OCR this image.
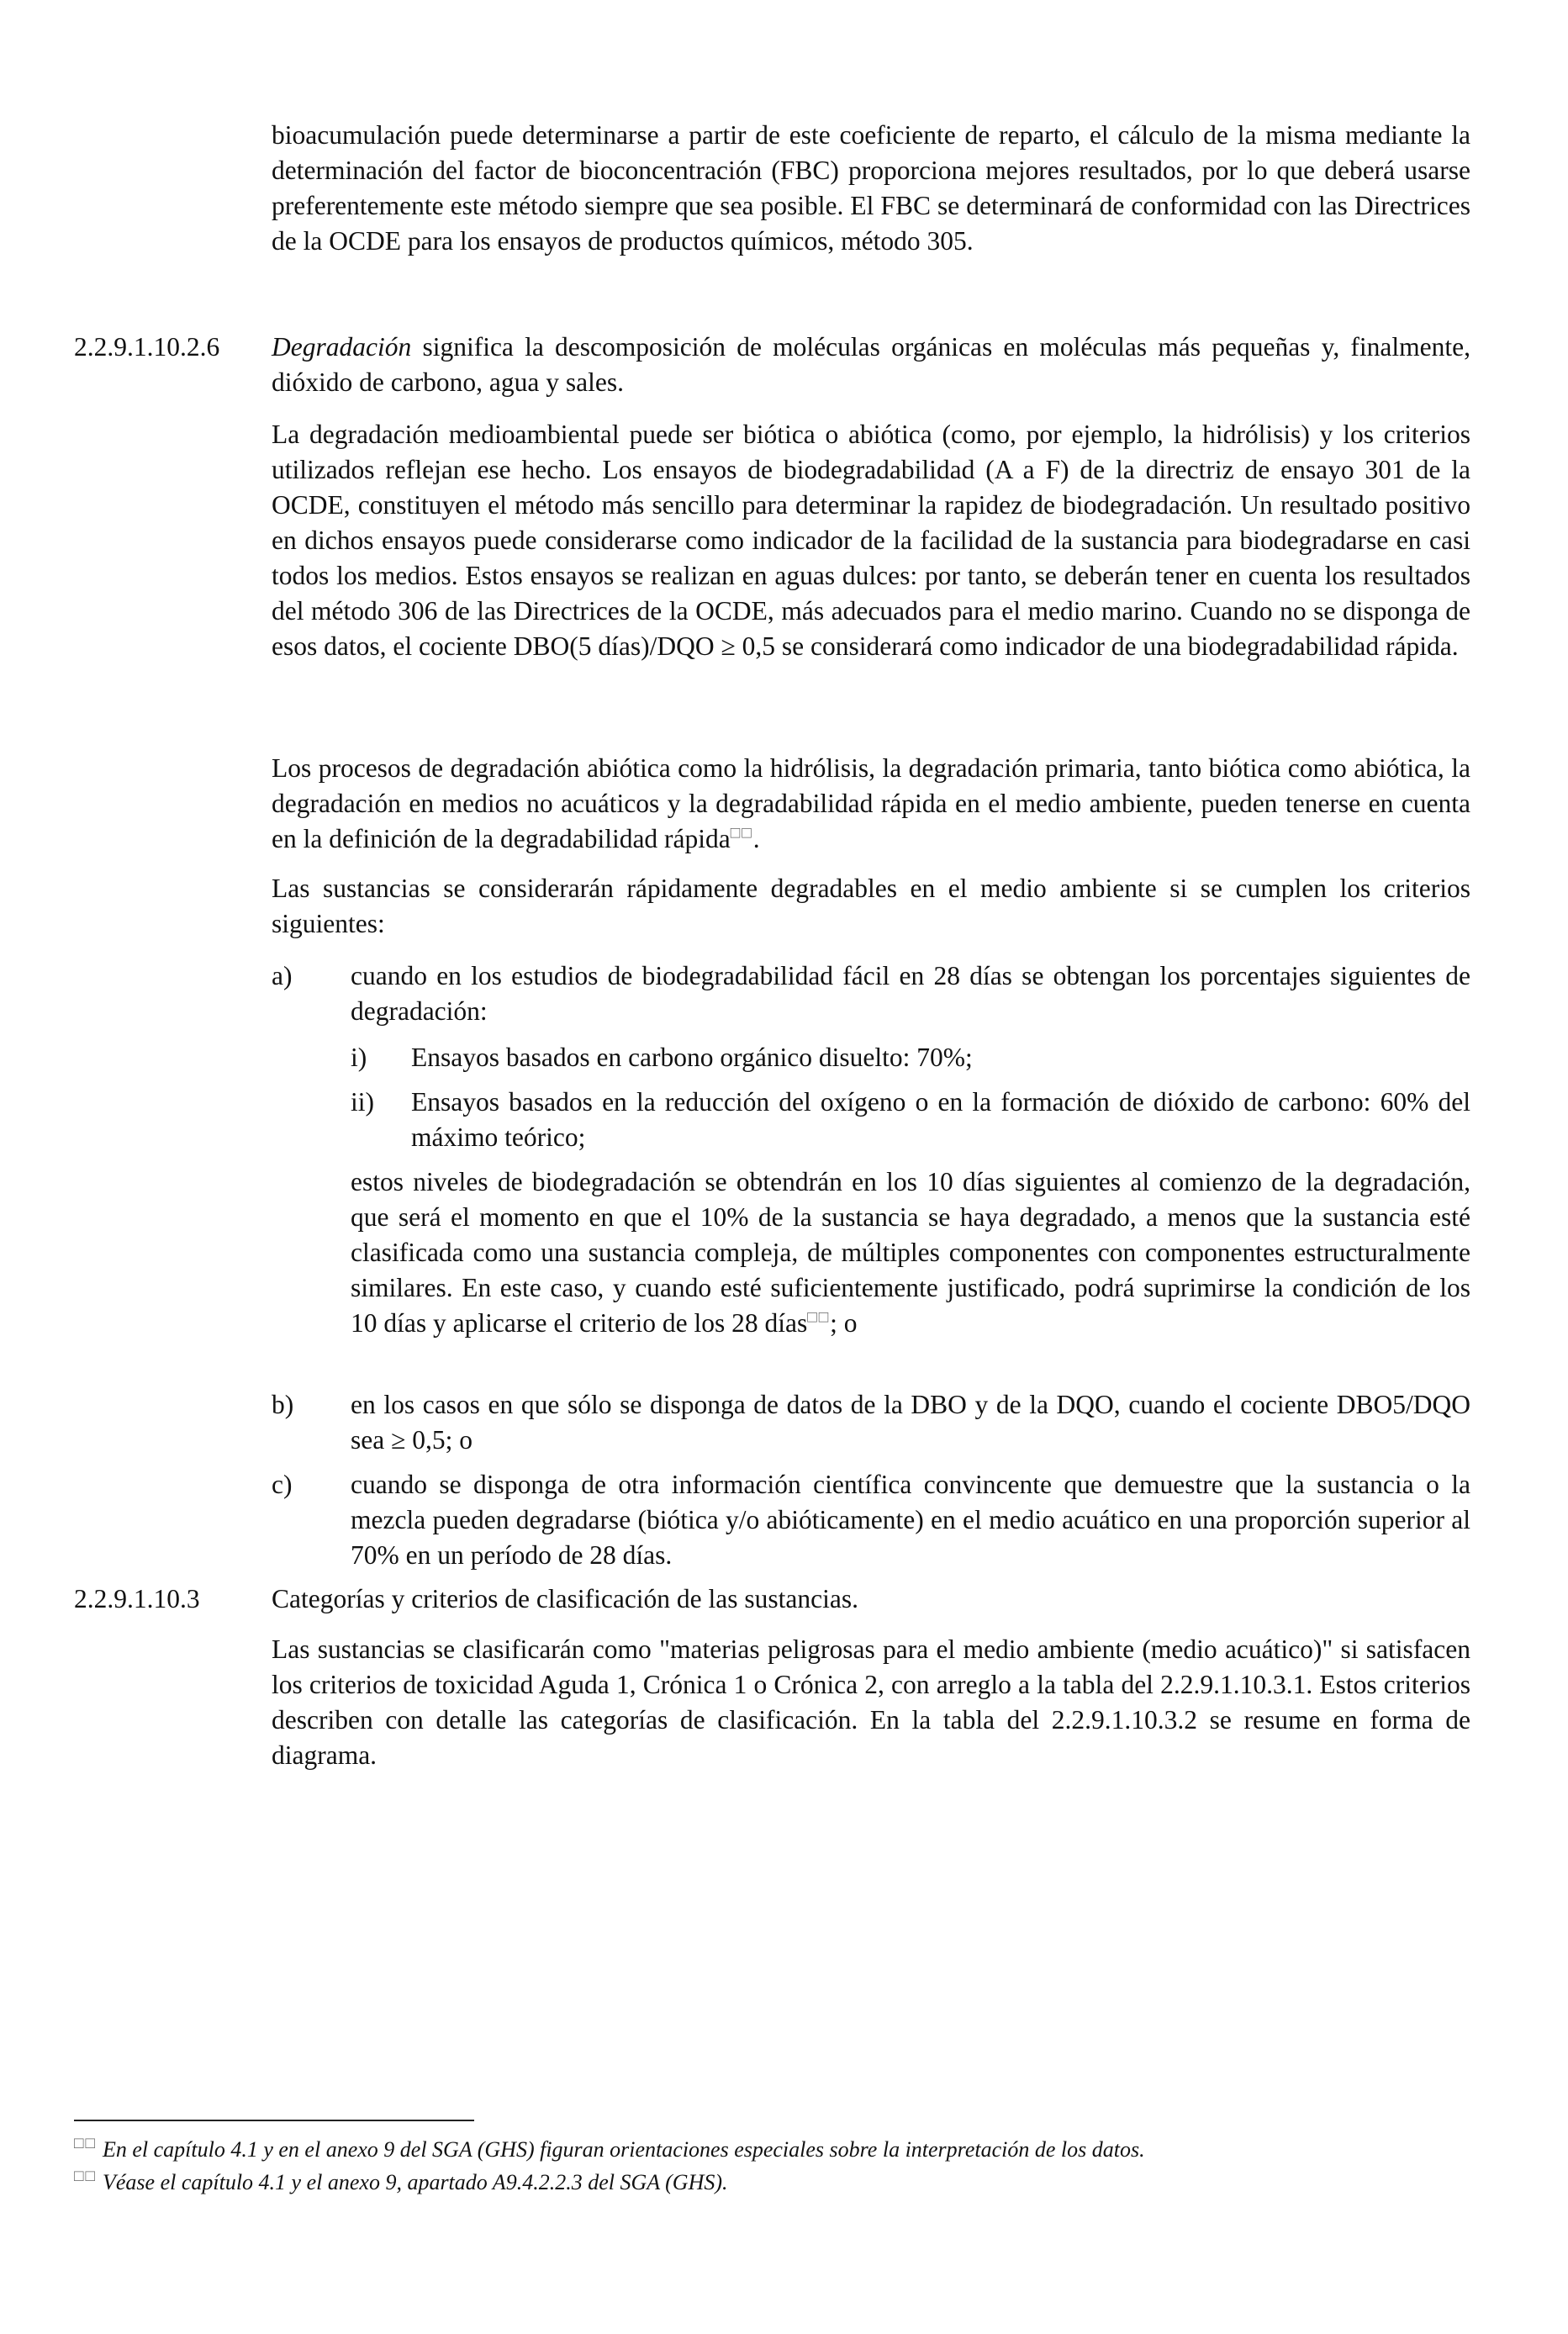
bioacumulación puede determinarse a partir de este coeficiente de reparto, el cálculo de la misma mediante la determinación del factor de bioconcentración (FBC) proporciona mejores resultados, por lo que deberá usarse preferentemente este método siempre que sea posible. El FBC se determinará de conformidad con las Directrices de la OCDE para los ensayos de productos químicos, método 305.
2.2.9.1.10.2.6 Degradación significa la descomposición de moléculas orgánicas en moléculas más pequeñas y, finalmente, dióxido de carbono, agua y sales.
La degradación medioambiental puede ser biótica o abiótica (como, por ejemplo, la hidrólisis) y los criterios utilizados reflejan ese hecho. Los ensayos de biodegradabilidad (A a F) de la directriz de ensayo 301 de la OCDE, constituyen el método más sencillo para determinar la rapidez de biodegradación. Un resultado positivo en dichos ensayos puede considerarse como indicador de la facilidad de la sustancia para biodegradarse en casi todos los medios. Estos ensayos se realizan en aguas dulces: por tanto, se deberán tener en cuenta los resultados del método 306 de las Directrices de la OCDE, más adecuados para el medio marino. Cuando no se disponga de esos datos, el cociente DBO(5 días)/DQO ≥ 0,5 se considerará como indicador de una biodegradabilidad rápida.
Los procesos de degradación abiótica como la hidrólisis, la degradación primaria, tanto biótica como abiótica, la degradación en medios no acuáticos y la degradabilidad rápida en el medio ambiente, pueden tenerse en cuenta en la definición de la degradabilidad rápida□□.
Las sustancias se considerarán rápidamente degradables en el medio ambiente si se cumplen los criterios siguientes:
a) cuando en los estudios de biodegradabilidad fácil en 28 días se obtengan los porcentajes siguientes de degradación:
i) Ensayos basados en carbono orgánico disuelto: 70%;
ii) Ensayos basados en la reducción del oxígeno o en la formación de dióxido de carbono: 60% del máximo teórico;
estos niveles de biodegradación se obtendrán en los 10 días siguientes al comienzo de la degradación, que será el momento en que el 10% de la sustancia se haya degradado, a menos que la sustancia esté clasificada como una sustancia compleja, de múltiples componentes con componentes estructuralmente similares. En este caso, y cuando esté suficientemente justificado, podrá suprimirse la condición de los 10 días y aplicarse el criterio de los 28 días□□; o
b) en los casos en que sólo se disponga de datos de la DBO y de la DQO, cuando el cociente DBO5/DQO sea ≥ 0,5; o
c) cuando se disponga de otra información científica convincente que demuestre que la sustancia o la mezcla pueden degradarse (biótica y/o abióticamente) en el medio acuático en una proporción superior al 70% en un período de 28 días.
2.2.9.1.10.3	Categorías y criterios de clasificación de las sustancias.
Las sustancias se clasificarán como "materias peligrosas para el medio ambiente (medio acuático)" si satisfacen los criterios de toxicidad Aguda 1, Crónica 1 o Crónica 2, con arreglo a la tabla del 2.2.9.1.10.3.1. Estos criterios describen con detalle las categorías de clasificación. En la tabla del 2.2.9.1.10.3.2 se resume en forma de diagrama.
□□ En el capítulo 4.1 y en el anexo 9 del SGA (GHS) figuran orientaciones especiales sobre la interpretación de los datos.
□□ Véase el capítulo 4.1 y el anexo 9, apartado A9.4.2.2.3 del SGA (GHS).
